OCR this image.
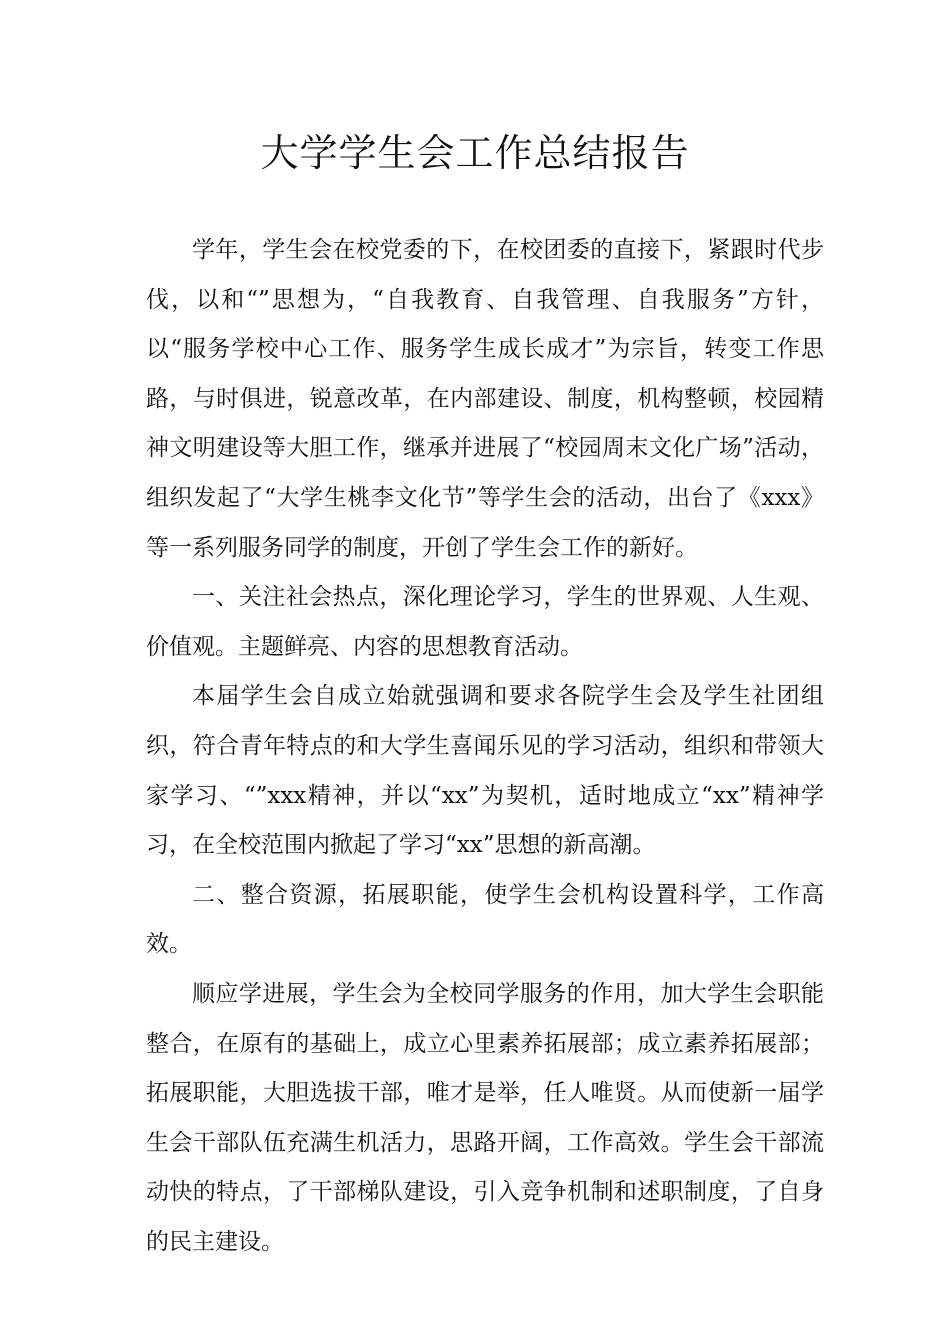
大学学生会工作总结报告

学年，学生会在校党委的下，在校团委的直接下，紧跟时代步伐，以和“”思想为，“自我教育、自我管理、自我服务”方针，以“服务学校中心工作、服务学生成长成才”为宗旨，转变工作思路，与时俱进，锐意改革，在内部建设、制度，机构整顿，校园精神文明建设等大胆工作，继承并进展了“校园周末文化广场”活动，组织发起了“大学生桃李文化节”等学生会的活动，出台了《xxx》等一系列服务同学的制度，开创了学生会工作的新好。

一、关注社会热点，深化理论学习，学生的世界观、人生观、价值观。主题鲜亮、内容的思想教育活动。

本届学生会自成立始就强调和要求各院学生会及学生社团组织，符合青年特点的和大学生喜闻乐见的学习活动，组织和带领大家学习、“”xxx精神，并以“xx”为契机，适时地成立“xx”精神学习，在全校范围内掀起了学习“xx”思想的新高潮。

二、整合资源，拓展职能，使学生会机构设置科学，工作高效。

顺应学进展，学生会为全校同学服务的作用，加大学生会职能整合，在原有的基础上，成立心里素养拓展部；成立素养拓展部；拓展职能，大胆选拔干部，唯才是举，任人唯贤。从而使新一届学生会干部队伍充满生机活力，思路开阔，工作高效。学生会干部流动快的特点，了干部梯队建设，引入竞争机制和述职制度，了自身的民主建设。
